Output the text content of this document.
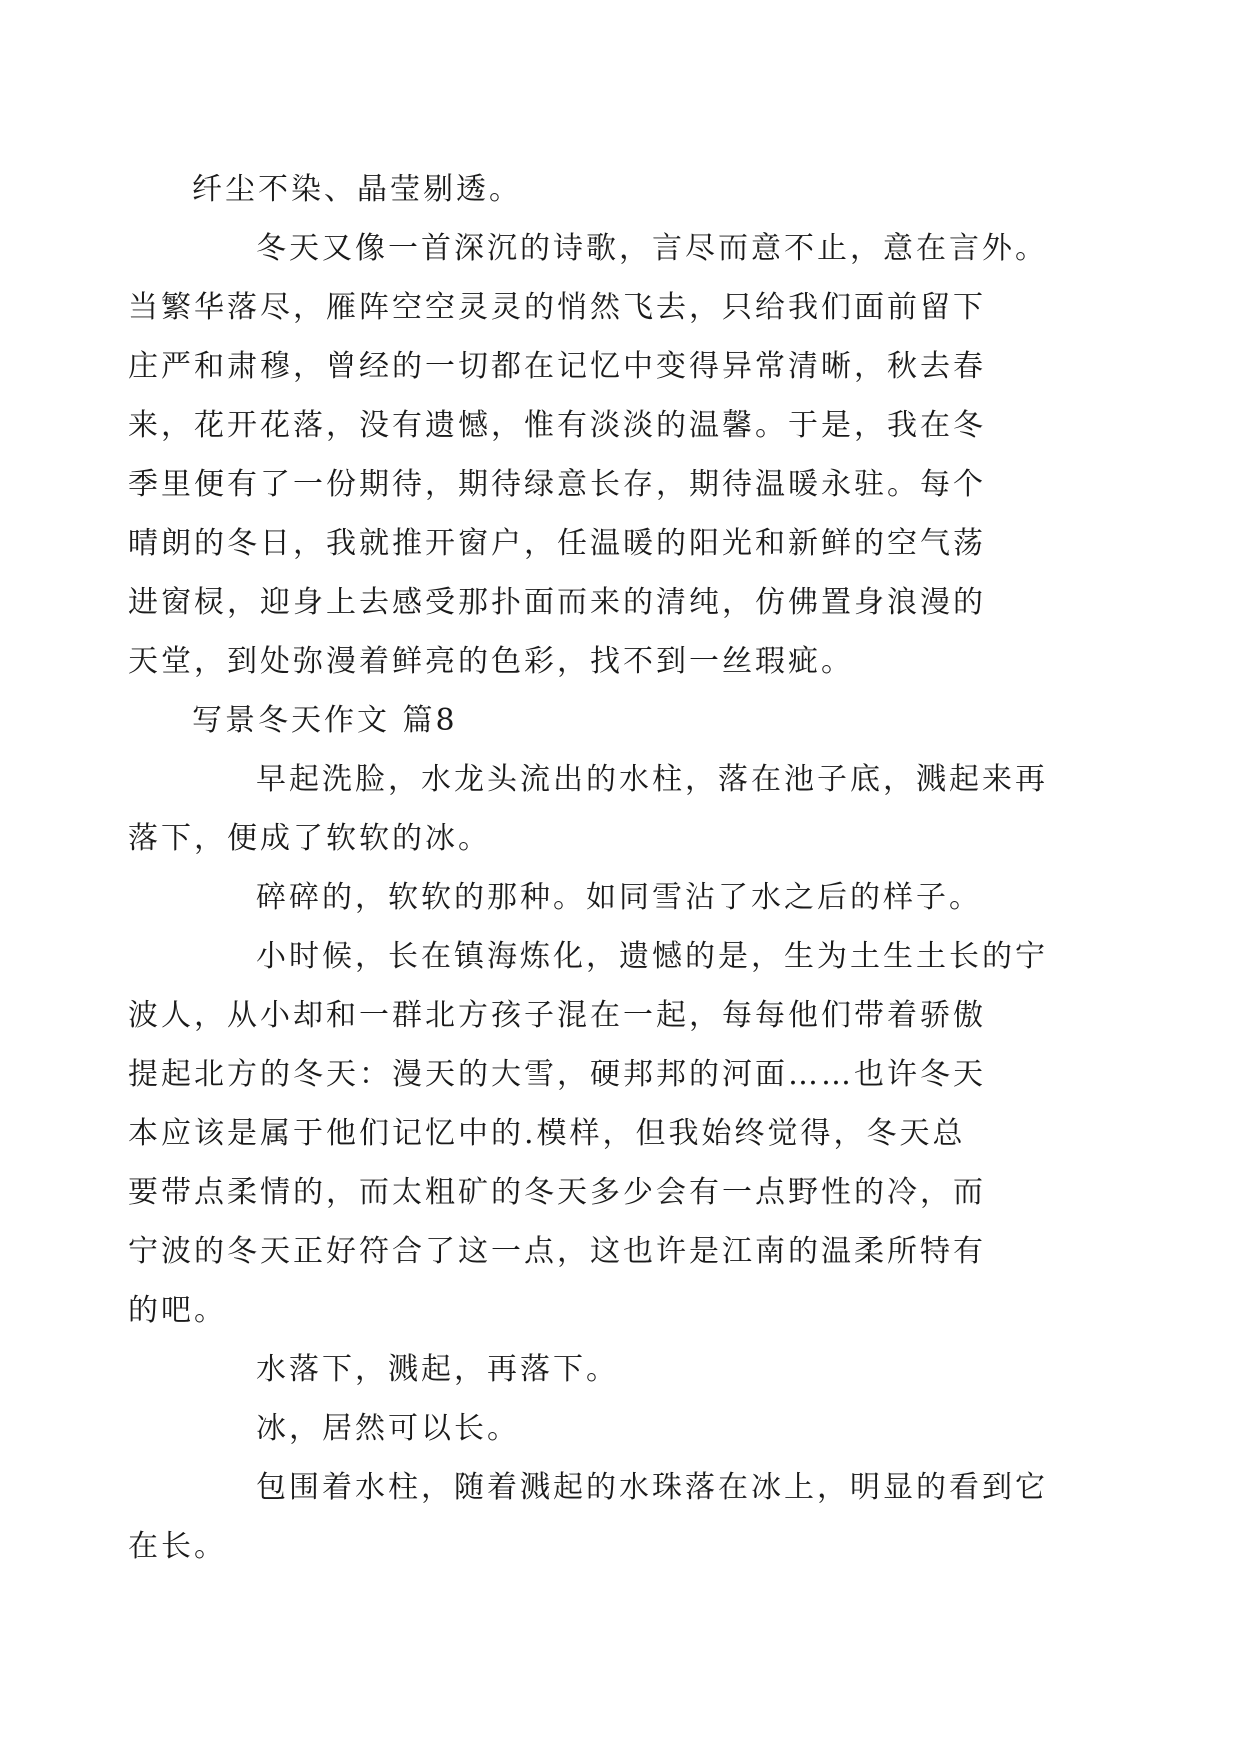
纤尘不染、晶莹剔透。
冬天又像一首深沉的诗歌，言尽而意不止，意在言外。
当繁华落尽，雁阵空空灵灵的悄然飞去，只给我们面前留下
庄严和肃穆，曾经的一切都在记忆中变得异常清晰，秋去春
来，花开花落，没有遗憾，惟有淡淡的温馨。于是，我在冬
季里便有了一份期待，期待绿意长存，期待温暖永驻。每个
晴朗的冬日，我就推开窗户，任温暖的阳光和新鲜的空气荡
进窗棂，迎身上去感受那扑面而来的清纯，仿佛置身浪漫的
天堂，到处弥漫着鲜亮的色彩，找不到一丝瑕疵。
写景冬天作文 篇8
早起洗脸，水龙头流出的水柱，落在池子底，溅起来再
落下，便成了软软的冰。
碎碎的，软软的那种。如同雪沾了水之后的样子。
小时候，长在镇海炼化，遗憾的是，生为土生土长的宁
波人，从小却和一群北方孩子混在一起，每每他们带着骄傲
提起北方的冬天：漫天的大雪，硬邦邦的河面……也许冬天
本应该是属于他们记忆中的.模样，但我始终觉得，冬天总
要带点柔情的，而太粗矿的冬天多少会有一点野性的冷，而
宁波的冬天正好符合了这一点，这也许是江南的温柔所特有
的吧。
水落下，溅起，再落下。
冰，居然可以长。
包围着水柱，随着溅起的水珠落在冰上，明显的看到它
在长。
